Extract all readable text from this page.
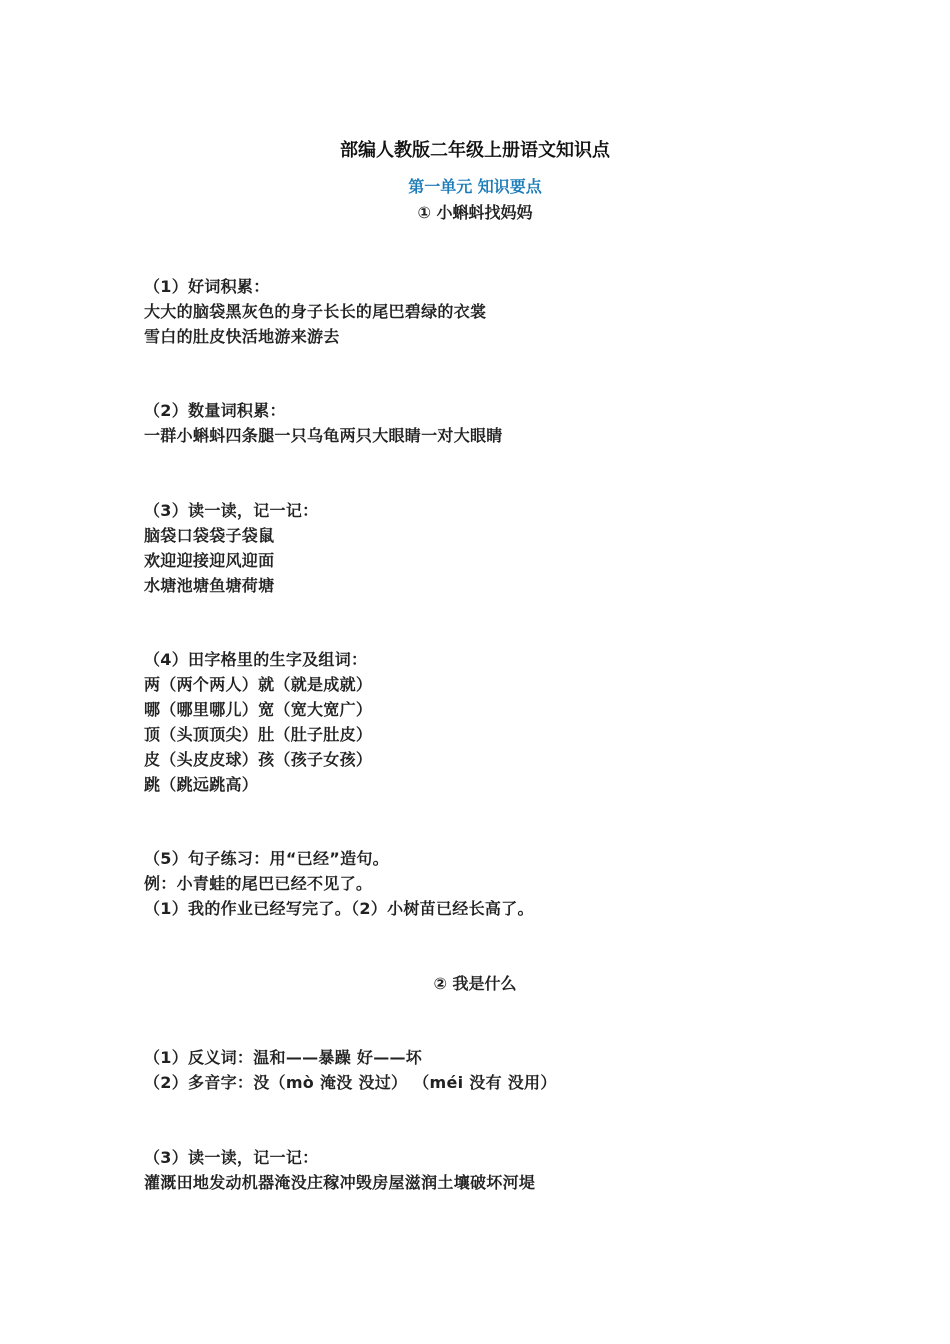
部编人教版二年级上册语文知识点
第一单元 知识要点
① 小蝌蚪找妈妈
（1）好词积累：
大大的脑袋黑灰色的身子长长的尾巴碧绿的衣裳
雪白的肚皮快活地游来游去
（2）数量词积累：
一群小蝌蚪四条腿一只乌龟两只大眼睛一对大眼睛
（3）读一读，记一记：
脑袋口袋袋子袋鼠
欢迎迎接迎风迎面
水塘池塘鱼塘荷塘
（4）田字格里的生字及组词：
两（两个两人）就（就是成就）
哪（哪里哪儿）宽（宽大宽广）
顶（头顶顶尖）肚（肚子肚皮）
皮（头皮皮球）孩（孩子女孩）
跳（跳远跳高）
（5）句子练习：用“已经”造句。
例：小青蛙的尾巴已经不见了。
（1）我的作业已经写完了。（2）小树苗已经长高了。
② 我是什么
（1）反义词：温和——暴躁 好——坏
（2）多音字：没（mò 淹没 没过） （méi 没有 没用）
（3）读一读，记一记：
灌溉田地发动机器淹没庄稼冲毁房屋滋润土壤破坏河堤
